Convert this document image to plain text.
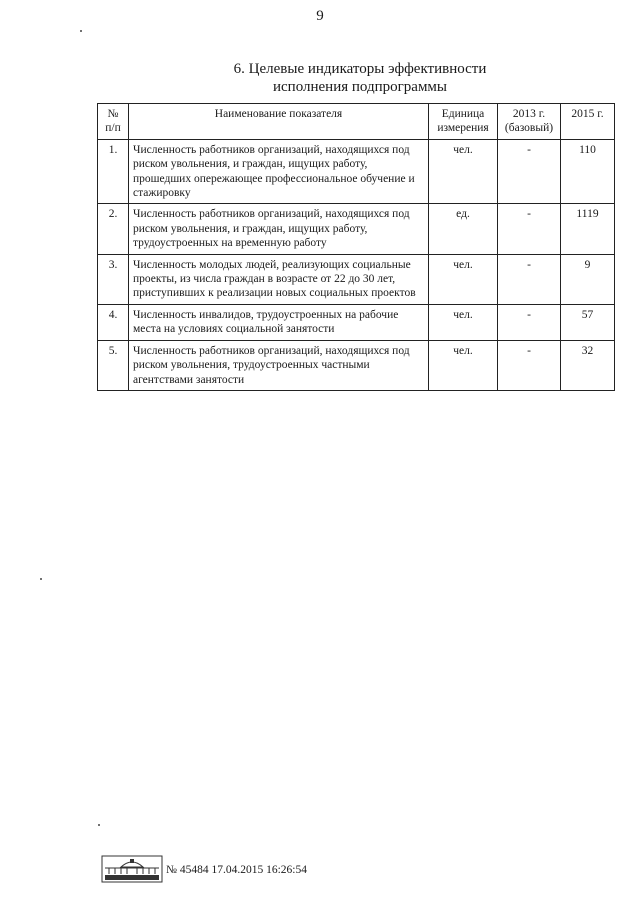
9
6. Целевые индикаторы эффективности
исполнения подпрограммы
№ п/п	Наименование показателя	Единица измерения	2013 г. (базовый)	2015 г.
1.	Численность работников организаций, находящихся под риском увольнения, и граждан, ищущих работу, прошедших опережающее профессиональное обучение и стажировку	чел.	-	110
2.	Численность работников организаций, находящихся под риском увольнения, и граждан, ищущих работу, трудоустроенных на временную работу	ед.	-	1119
3.	Численность молодых людей, реализующих социальные проекты, из числа граждан в возрасте от 22 до 30 лет, приступивших к реализации новых социальных проектов	чел.	-	9
4.	Численность инвалидов, трудоустроенных на рабочие места на условиях социальной занятости	чел.	-	57
5.	Численность работников организаций, находящихся под риском увольнения, трудоустроенных частными агентствами занятости	чел.	-	32
№ 45484 17.04.2015 16:26:54
